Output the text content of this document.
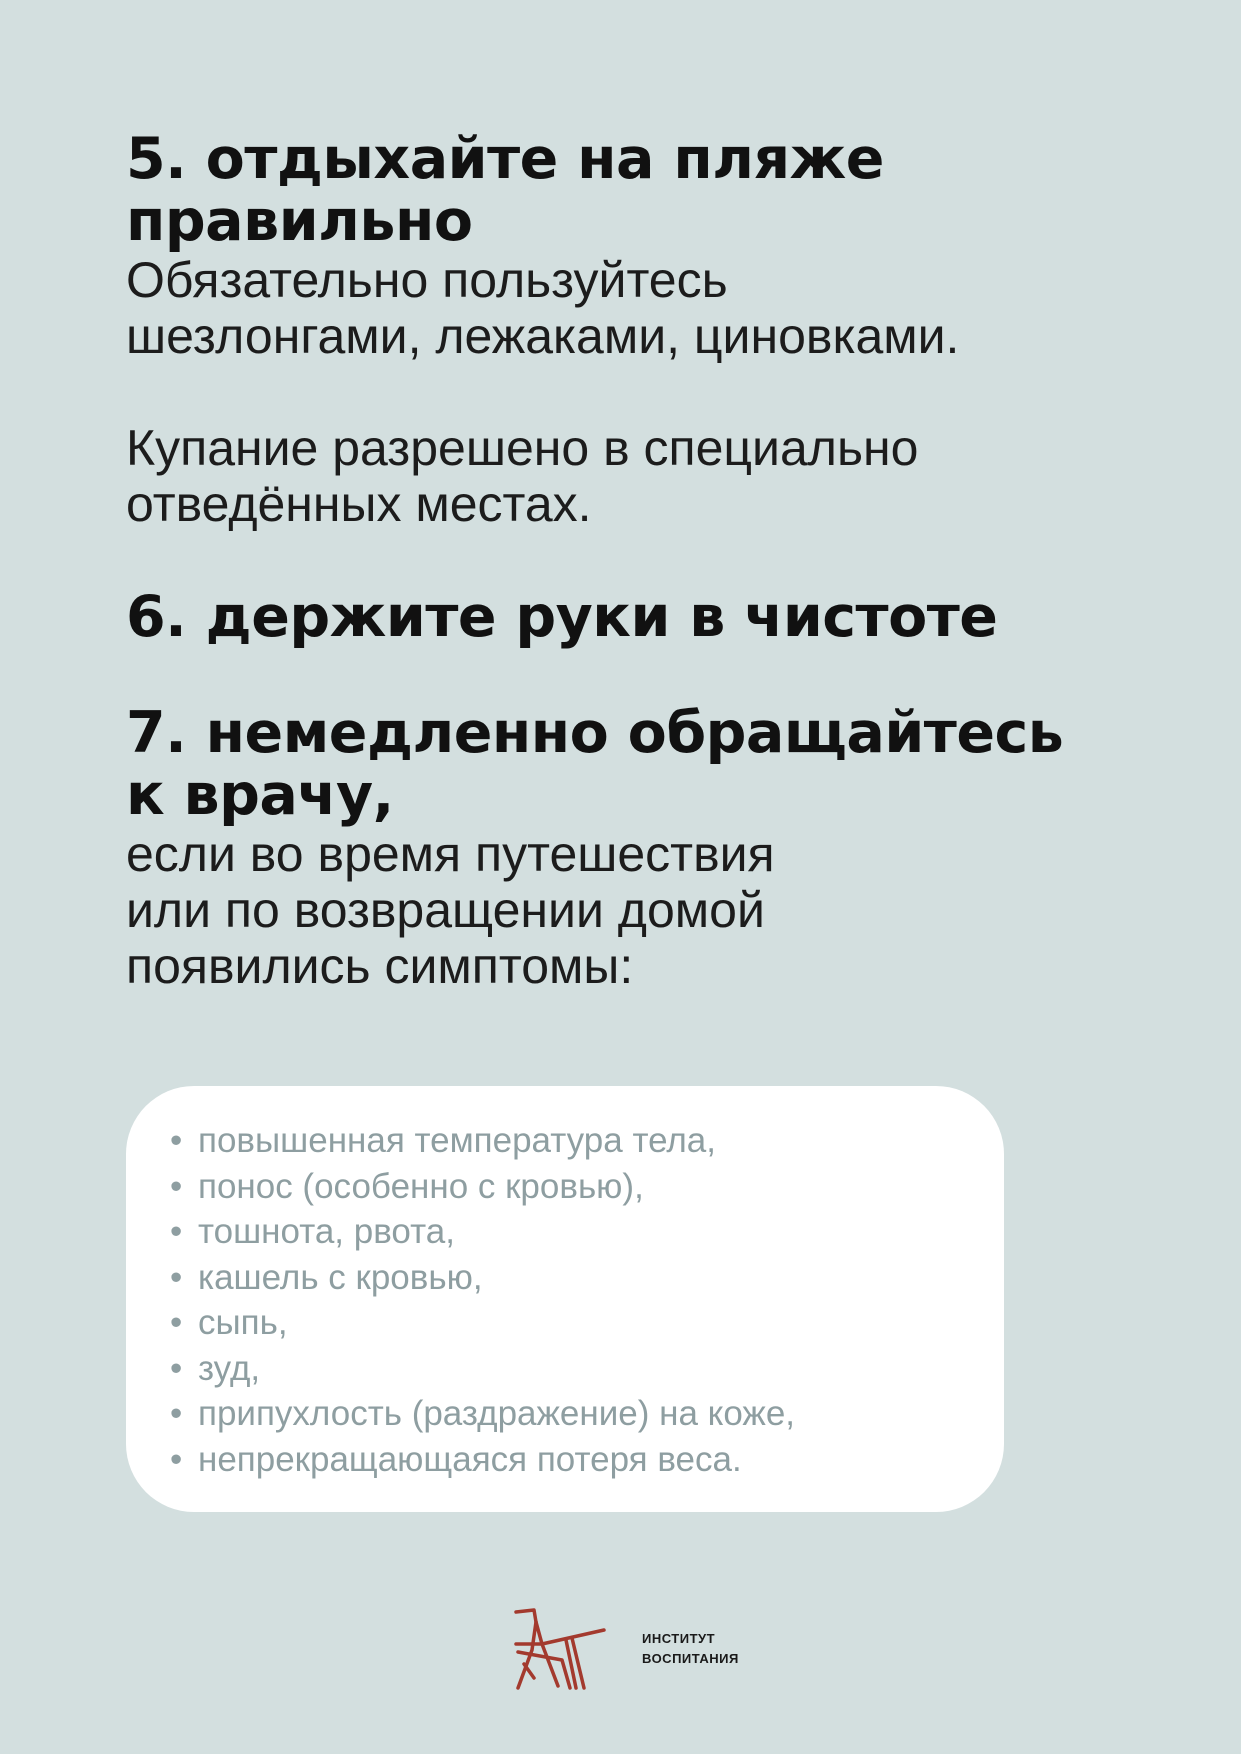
5. отдыхайте на пляже
правильно

Обязательно пользуйтесь
шезлонгами, лежаками, циновками.

Купание разрешено в специально
отведённых местах.

6. держите руки в чистоте
7. немедленно обращайтесь
к врачу,

если во время путешествия
или по возвращении домой
появились симптомы:

• повышенная температура тела,
• понос (особенно с кровью),
• тошнота, рвота,
• кашель с кровью,
• сыпь,
• зуд,
• припухлость (раздражение) на коже,
• непрекращающаяся потеря веса.
ИНСТИТУТ
ВОСПИТАНИЯ
